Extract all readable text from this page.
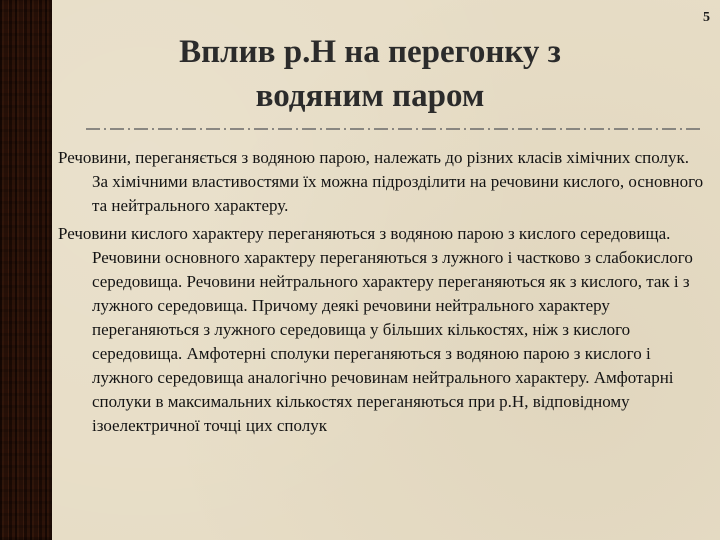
5
Вплив р.Н на перегонку з
водяним паром

Речовини, переганяється з водяною парою, належать до різних класів хімічних сполук. За хімічними властивостями їх можна підрозділити на речовини кислого, основного та нейтрального характеру.

Речовини кислого характеру переганяються з водяною парою з кислого середовища. Речовини основного характеру переганяються з лужного і частково з слабокислого середовища. Речовини нейтрального характеру переганяються як з кислого, так і з лужного середовища. Причому деякі речовини нейтрального характеру переганяються з лужного середовища у більших кількостях, ніж з кислого середовища. Амфотерні сполуки переганяються з водяною парою з кислого і лужного середовища аналогічно речовинам нейтрального характеру. Амфотарні сполуки в максимальних кількостях переганяються при р.Н, відповідному ізоелектричної точці цих сполук
